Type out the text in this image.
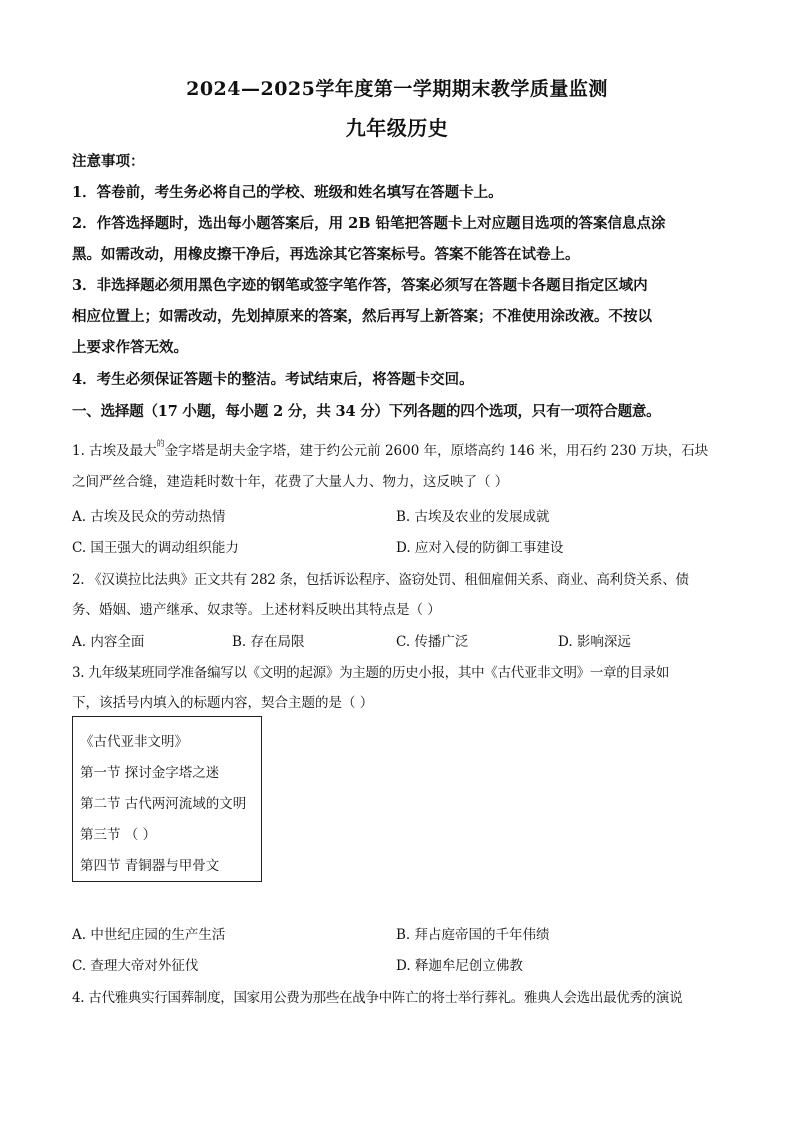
2024—2025学年度第一学期期末教学质量监测
九年级历史
注意事项：
1．答卷前，考生务必将自己的学校、班级和姓名填写在答题卡上。
2．作答选择题时，选出每小题答案后，用 2B 铅笔把答题卡上对应题目选项的答案信息点涂
黑。如需改动，用橡皮擦干净后，再选涂其它答案标号。答案不能答在试卷上。
3．非选择题必须用黑色字迹的钢笔或签字笔作答，答案必须写在答题卡各题目指定区域内
相应位置上；如需改动，先划掉原来的答案，然后再写上新答案；不准使用涂改液。不按以
上要求作答无效。
4．考生必须保证答题卡的整洁。考试结束后，将答题卡交回。
一、选择题（17 小题，每小题 2 分，共 34 分）下列各题的四个选项，只有一项符合题意。
1. 古埃及最大$^的$金字塔是胡夫金字塔，建于约公元前 2600 年，原塔高约 146 米，用石约 230 万块，石块
之间严丝合缝，建造耗时数十年，花费了大量人力、物力，这反映了（ ）
A. 古埃及民众的劳动热情	B. 古埃及农业的发展成就
C. 国王强大的调动组织能力	D. 应对入侵的防御工事建设
2. 《汉谟拉比法典》正文共有 282 条，包括诉讼程序、盗窃处罚、租佃雇佣关系、商业、高利贷关系、债
务、婚姻、遗产继承、奴隶等。上述材料反映出其特点是（ ）
A. 内容全面	B. 存在局限	C. 传播广泛	D. 影响深远
3. 九年级某班同学准备编写以《文明的起源》为主题的历史小报，其中《古代亚非文明》一章的目录如
下，该括号内填入的标题内容，契合主题的是（ ）
《古代亚非文明》
第一节 探讨金字塔之迷
第二节 古代两河流域的文明
第三节 （ ）
第四节 青铜器与甲骨文
A. 中世纪庄园的生产生活	B. 拜占庭帝国的千年伟绩
C. 查理大帝对外征伐	D. 释迦牟尼创立佛教
4. 古代雅典实行国葬制度，国家用公费为那些在战争中阵亡的将士举行葬礼。雅典人会选出最优秀的演说
